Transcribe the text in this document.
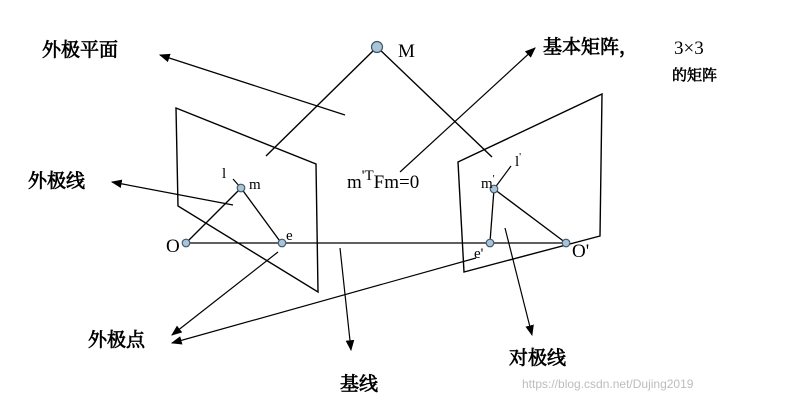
外极平面	基本矩阵， 3×3
的矩阵
外极线
外极点
基线
对极线
M
m'TFm=0
l
m
e
O
m'
l'
e'	O'
https://blog.csdn.net/Dujing2019
